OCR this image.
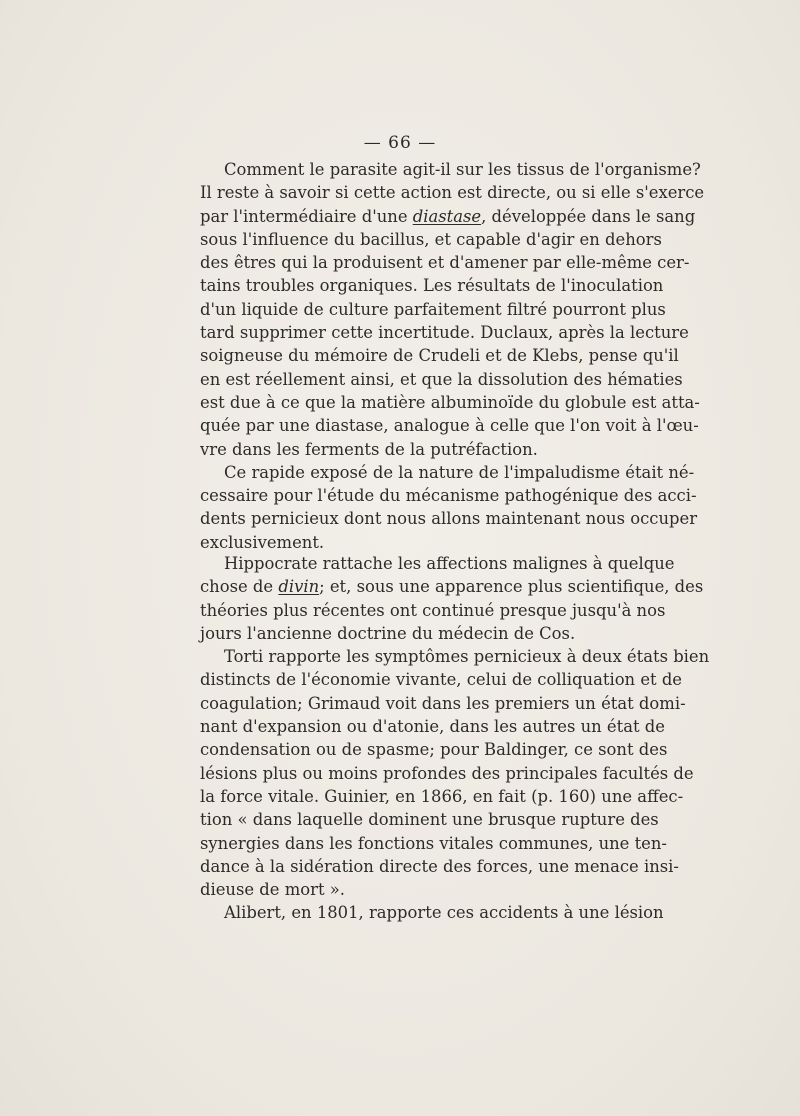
— 66 —
Comment le parasite agit-il sur les tissus de l'organisme?
Il reste à savoir si cette action est directe, ou si elle s'exerce
par l'intermédiaire d'une diastase, développée dans le sang
sous l'influence du bacillus, et capable d'agir en dehors
des êtres qui la produisent et d'amener par elle-même cer-
tains troubles organiques. Les résultats de l'inoculation
d'un liquide de culture parfaitement filtré pourront plus
tard supprimer cette incertitude. Duclaux, après la lecture
soigneuse du mémoire de Crudeli et de Klebs, pense qu'il
en est réellement ainsi, et que la dissolution des hématies
est due à ce que la matière albuminoïde du globule est atta-
quée par une diastase, analogue à celle que l'on voit à l'œu-
vre dans les ferments de la putréfaction.
Ce rapide exposé de la nature de l'impaludisme était né-
cessaire pour l'étude du mécanisme pathogénique des acci-
dents pernicieux dont nous allons maintenant nous occuper
exclusivement.
Hippocrate rattache les affections malignes à quelque
chose de divin; et, sous une apparence plus scientifique, des
théories plus récentes ont continué presque jusqu'à nos
jours l'ancienne doctrine du médecin de Cos.
Torti rapporte les symptômes pernicieux à deux états bien
distincts de l'économie vivante, celui de colliquation et de
coagulation; Grimaud voit dans les premiers un état domi-
nant d'expansion ou d'atonie, dans les autres un état de
condensation ou de spasme; pour Baldinger, ce sont des
lésions plus ou moins profondes des principales facultés de
la force vitale. Guinier, en 1866, en fait (p. 160) une affec-
tion « dans laquelle dominent une brusque rupture des
synergies dans les fonctions vitales communes, une ten-
dance à la sidération directe des forces, une menace insi-
dieuse de mort ».
Alibert, en 1801, rapporte ces accidents à une lésion
